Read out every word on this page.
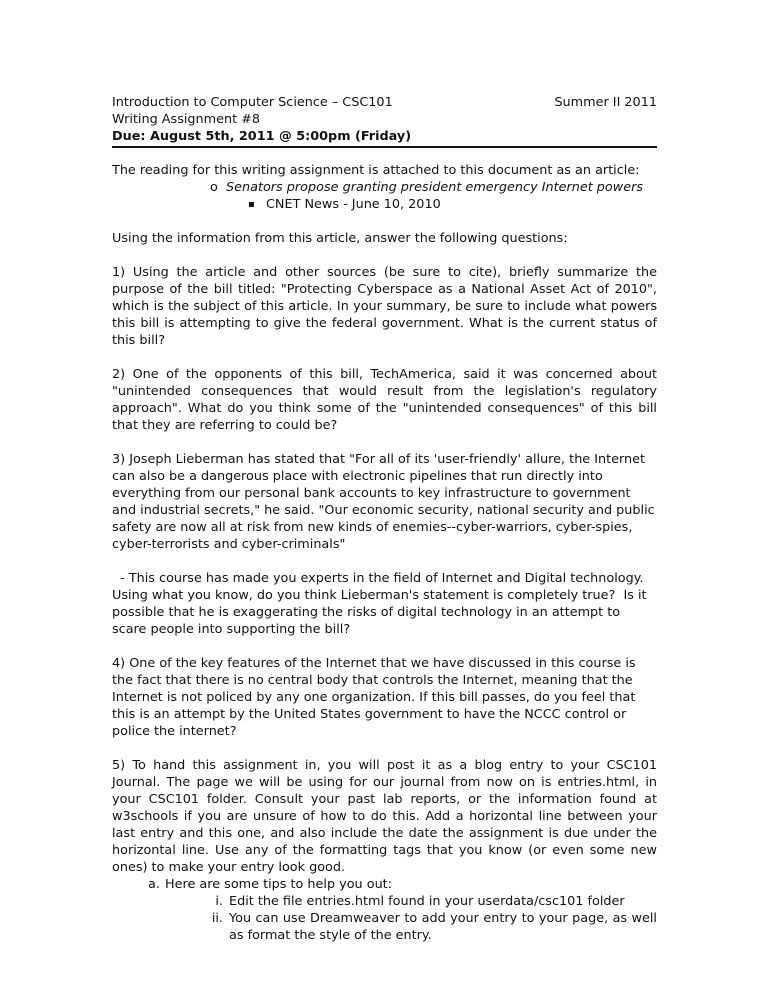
Introduction to Computer Science – CSC101	Summer II 2011
Writing Assignment #8
Due: August 5th, 2011 @ 5:00pm (Friday)
The reading for this writing assignment is attached to this document as an article:
o Senators propose granting president emergency Internet powers
▪ CNET News - June 10, 2010

Using the information from this article, answer the following questions:

1) Using the article and other sources (be sure to cite), briefly summarize the purpose of the bill titled: "Protecting Cyberspace as a National Asset Act of 2010", which is the subject of this article. In your summary, be sure to include what powers this bill is attempting to give the federal government. What is the current status of this bill?

2) One of the opponents of this bill, TechAmerica, said it was concerned about "unintended consequences that would result from the legislation's regulatory approach". What do you think some of the "unintended consequences" of this bill that they are referring to could be?

3) Joseph Lieberman has stated that "For all of its 'user-friendly' allure, the Internet can also be a dangerous place with electronic pipelines that run directly into everything from our personal bank accounts to key infrastructure to government and industrial secrets," he said. "Our economic security, national security and public safety are now all at risk from new kinds of enemies--cyber-warriors, cyber-spies, cyber-terrorists and cyber-criminals"

- This course has made you experts in the field of Internet and Digital technology.  Using what you know, do you think Lieberman's statement is completely true?  Is it possible that he is exaggerating the risks of digital technology in an attempt to scare people into supporting the bill?

4) One of the key features of the Internet that we have discussed in this course is the fact that there is no central body that controls the Internet, meaning that the Internet is not policed by any one organization. If this bill passes, do you feel that this is an attempt by the United States government to have the NCCC control or police the internet?

5) To hand this assignment in, you will post it as a blog entry to your CSC101 Journal. The page we will be using for our journal from now on is entries.html, in your CSC101 folder. Consult your past lab reports, or the information found at w3schools if you are unsure of how to do this. Add a horizontal line between your last entry and this one, and also include the date the assignment is due under the horizontal line. Use any of the formatting tags that you know (or even some new ones) to make your entry look good.

a. Here are some tips to help you out:
i. Edit the file entries.html found in your userdata/csc101 folder
ii. You can use Dreamweaver to add your entry to your page, as well as format the style of the entry.
